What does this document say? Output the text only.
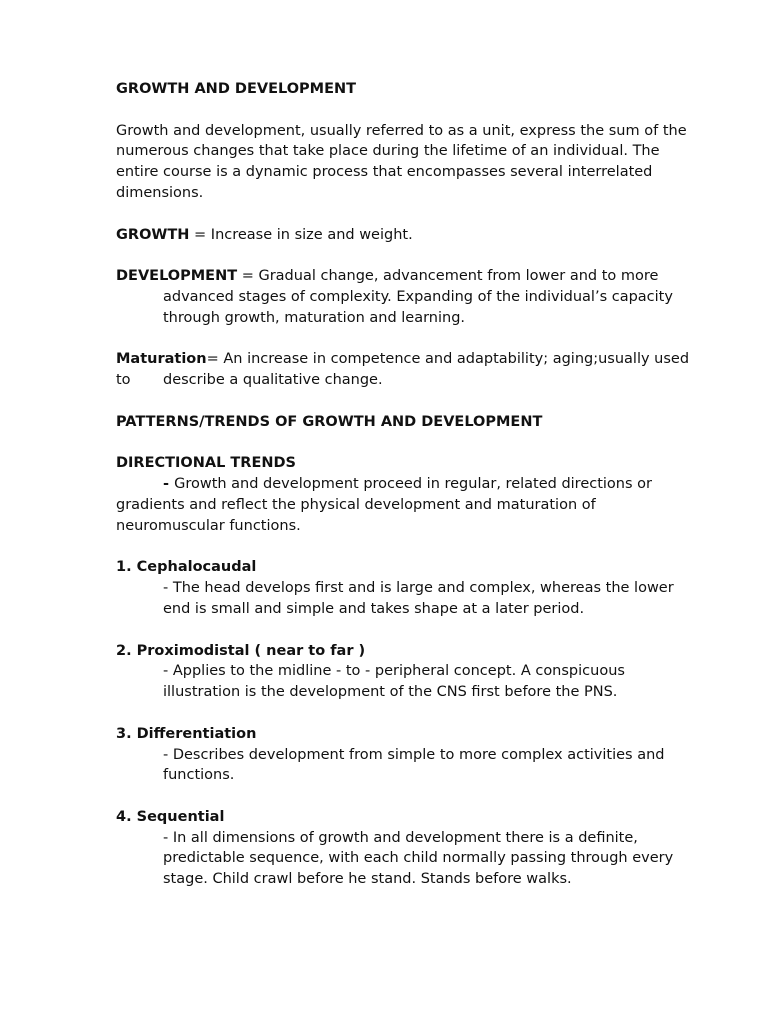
GROWTH AND DEVELOPMENT

Growth and development, usually referred to as a unit, express the sum of the numerous changes that take place during the lifetime of an individual. The entire course is a dynamic process that encompasses several interrelated dimensions.

GROWTH = Increase in size and weight.

DEVELOPMENT = Gradual change, advancement from lower and to more

advanced stages of complexity. Expanding of the individual’s capacity through growth, maturation and learning.

Maturation= An increase in competence and adaptability; aging;usually used

to describe a qualitative change.

PATTERNS/TRENDS OF GROWTH AND DEVELOPMENT

DIRECTIONAL TRENDS

- Growth and development proceed in regular, related directions or gradients and reflect the physical development and maturation of neuromuscular functions.

1. Cephalocaudal

- The head develops first and is large and complex, whereas the lower end is small and simple and takes shape at a later period.

2. Proximodistal ( near to far )

- Applies to the midline - to - peripheral concept. A conspicuous illustration is the development of the CNS first before the PNS.

3. Differentiation

- Describes development from simple to more complex activities and functions.

4. Sequential

- In all dimensions of growth and development there is a definite, predictable sequence, with each child normally passing through every stage. Child crawl before he stand. Stands before walks.
